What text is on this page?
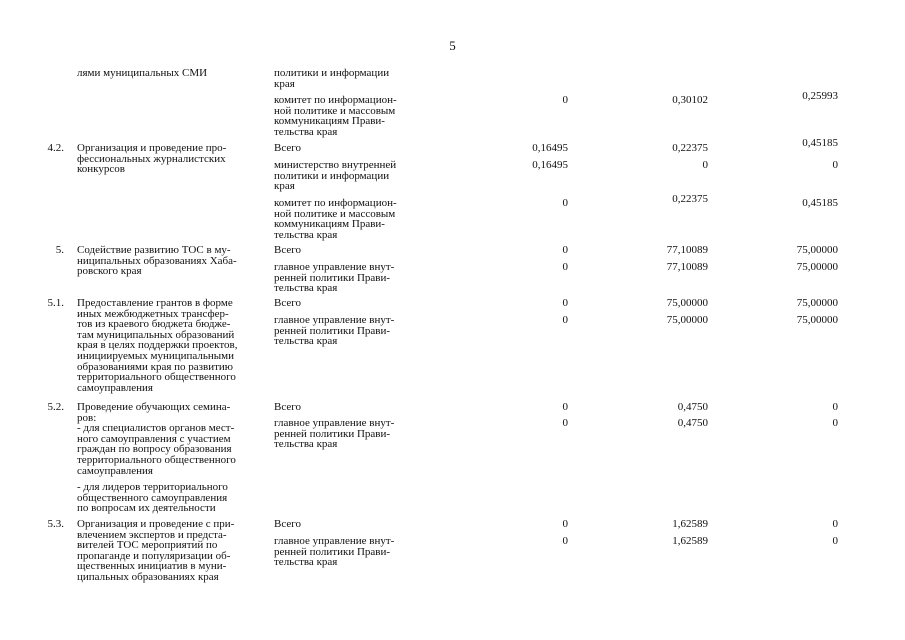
5
лями муниципальных СМИ	политики и информации
края
комитет по информацион-
ной политике и массовым
коммуникациям Прави-
тельства края
0	0,30102	0,25993
4.2. Организация и проведение про-
фессиональных журналистских
конкурсов
Всего	0,16495	0,22375	0,45185
министерство внутренней
политики и информации
края
0,16495	0	0
комитет по информацион-
ной политике и массовым
коммуникациям Прави-
тельства края
0	0,22375	0,45185
5. Содействие развитию ТОС в му-
ниципальных образованиях Хаба-
ровского края
Всего	0	77,10089	75,00000
главное управление внут-
ренней политики Прави-
тельства края
0	77,10089	75,00000
5.1. Предоставление грантов в форме
иных межбюджетных трансфер-
тов из краевого бюджета бюдже-
там муниципальных образований
края в целях поддержки проектов,
инициируемых муниципальными
образованиями края по развитию
территориального общественного
самоуправления
Всего	0	75,00000	75,00000
главное управление внут-
ренней политики Прави-
тельства края
0	75,00000	75,00000
5.2. Проведение обучающих семина-
ров:
- для специалистов органов мест-
ного самоуправления с участием
граждан по вопросу образования
территориального общественного
самоуправления
Всего	0	0,4750	0
главное управление внут-
ренней политики Прави-
тельства края
0	0,4750	0
- для лидеров территориального
общественного самоуправления
по вопросам их деятельности
5.3. Организация и проведение с при-
влечением экспертов и предста-
вителей ТОС мероприятий по
пропаганде и популяризации об-
щественных инициатив в муни-
ципальных образованиях края
Всего	0	1,62589	0
главное управление внут-
ренней политики Прави-
тельства края
0	1,62589	0
